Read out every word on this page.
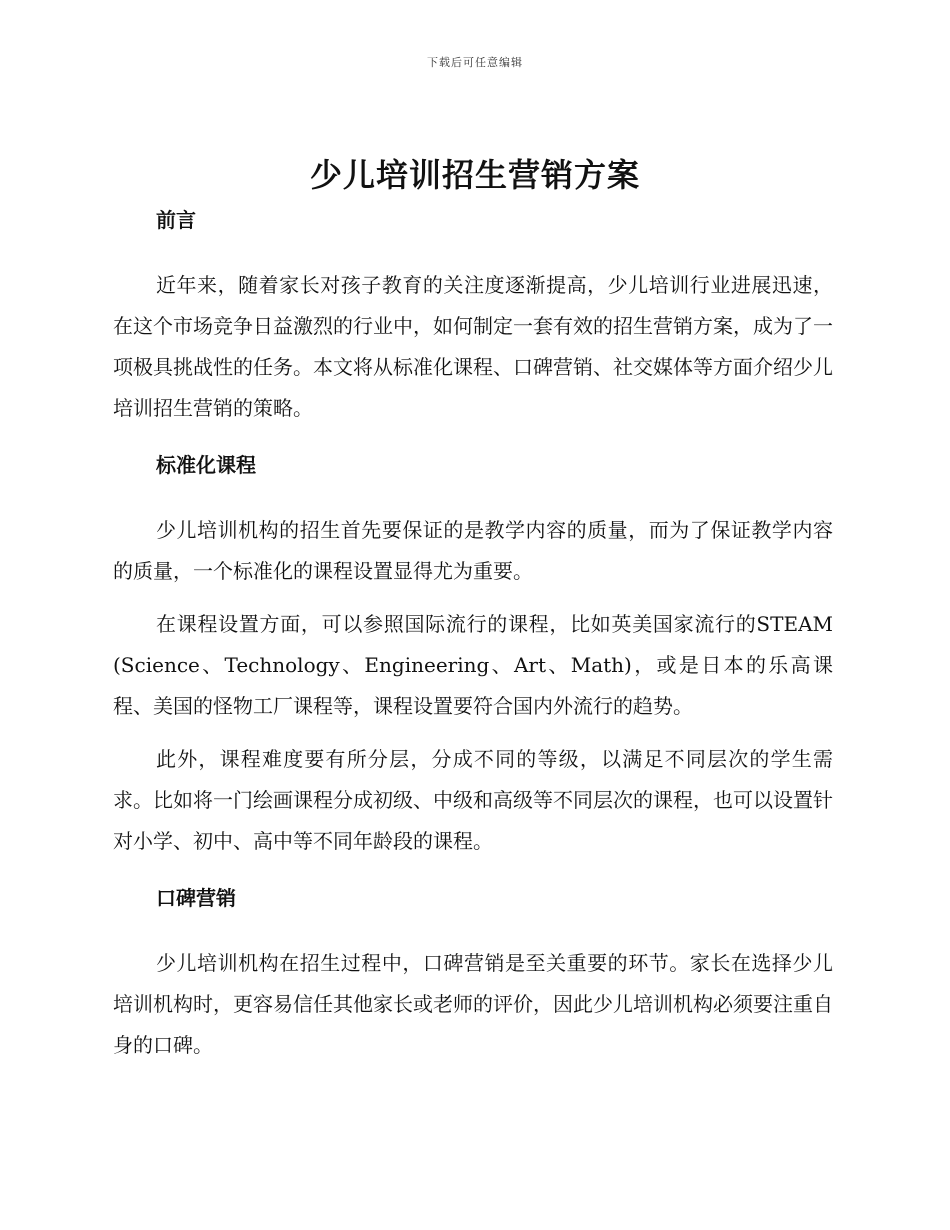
下载后可任意编辑
少儿培训招生营销方案
前言

近年来，随着家长对孩子教育的关注度逐渐提高，少儿培训行业进展迅速，在这个市场竞争日益激烈的行业中，如何制定一套有效的招生营销方案，成为了一项极具挑战性的任务。本文将从标准化课程、口碑营销、社交媒体等方面介绍少儿培训招生营销的策略。

标准化课程

少儿培训机构的招生首先要保证的是教学内容的质量，而为了保证教学内容的质量，一个标准化的课程设置显得尤为重要。

在课程设置方面，可以参照国际流行的课程，比如英美国家流行的STEAM(Science、Technology、Engineering、Art、Math)，或是日本的乐高课程、美国的怪物工厂课程等，课程设置要符合国内外流行的趋势。

此外，课程难度要有所分层，分成不同的等级，以满足不同层次的学生需求。比如将一门绘画课程分成初级、中级和高级等不同层次的课程，也可以设置针对小学、初中、高中等不同年龄段的课程。

口碑营销

少儿培训机构在招生过程中，口碑营销是至关重要的环节。家长在选择少儿培训机构时，更容易信任其他家长或老师的评价，因此少儿培训机构必须要注重自身的口碑。
